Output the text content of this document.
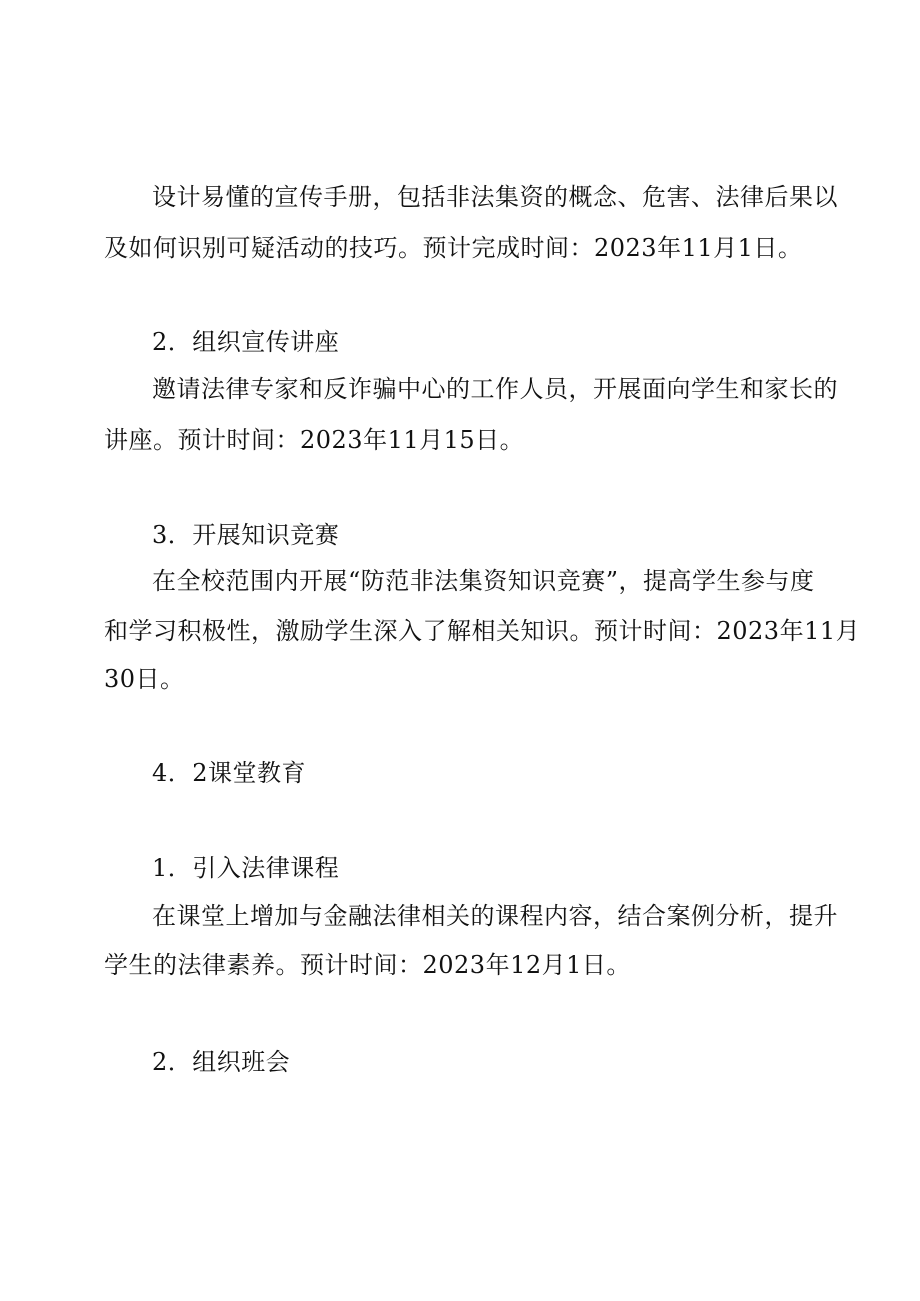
设计易懂的宣传手册，包括非法集资的概念、危害、法律后果以
及如何识别可疑活动的技巧。预计完成时间：2023年11月1日。
2．组织宣传讲座
邀请法律专家和反诈骗中心的工作人员，开展面向学生和家长的
讲座。预计时间：2023年11月15日。
3．开展知识竞赛
在全校范围内开展“防范非法集资知识竞赛”，提高学生参与度
和学习积极性，激励学生深入了解相关知识。预计时间：2023年11月
30日。
4．2课堂教育
1．引入法律课程
在课堂上增加与金融法律相关的课程内容，结合案例分析，提升
学生的法律素养。预计时间：2023年12月1日。
2．组织班会
